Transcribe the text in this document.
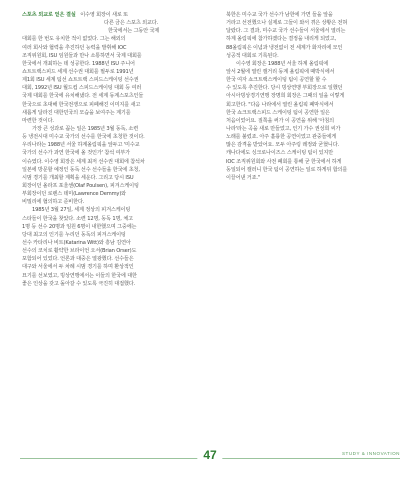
스포츠 외교로 얻은 결실 이수영 회장이 새로 또

다른 금은 스포츠 외교다.

한국에서는 그동안 국제

대회를 한 번도 유치한 적이 없었다. 그는 해외의

여러 회사와 협력을 추진하던 능력을 발휘해 IOC

조직위원회, ISU 임원들과 만나 소통하면서 국제 대회를

한국에서 개최하는 데 성공한다. 1988년 ISU 주니어

쇼트트랙스피드 세계 선수권 대회를 필두로 1991년

제1회 ISU 세계 팀선 쇼트트랙 스피드스케이팅 선수권

대회, 1992년 ISU 월드컵 스피드스케이팅 대회 등 여러

국제 대회를 한국에 유치해냈다. 전 세계 동계스포츠인들

한국으로 초대해 한국전쟁으로 피폐해진 이미지를 새고

새롭게 달라진 대한민국의 모습을 보여주는 계기를

마련한 것이다.

가장 큰 성과로 꼽는 일은 1985년 3월 동독, 소련

등 냉전시대 미수교 국가의 선수를 한국에 초청한 것이다.

우리나라는 1988년 서울 하계올림픽을 앞두고 '미수교

국가의 선수가 과연 한국에 올 것인가' 참석 여부가

이슈였다. 이수영 회장은 세계 최저 선수권 대회에 참석차

일본에 방문할 예정인 동독 선수 선수들을 한국에 초청,

시범 경기를 개최할 계획을 세운다. 그리고 당시 ISU

회장이던 올라프 포울센(Olaf Poulsen), 피겨스케이팅

부회장이던 로렌스 데미(Lawrence Demmy)와

비밀리에 협의하고 준비한다.

1985년 3월 27일, 세계 정상의 피겨스케이팅

스타들이 한국을 찾았다. 소련 12명, 동독 1명, 체고

1명 등 선수 20명과 임원 6명이 내한했으며 그중에는

당대 최고의 인기를 누리던 동독의 피겨스케이팅

선수 카타리나 비트(Katarina Witt)와 흥남 김연아

선수의 코치로 활약한 브라이언 오서(Brian Orser)도

포함되어 있었다. 언론과 대중은 열광했다. 선수들은

대구와 서울에서 두 차례 시범 경기를 하며 환상적인

묘기를 선보였고, 빙상연맹에서는 이들의 한국에 대한

좋은 인상을 갖고 돌아갈 수 있도록 극진히 대접했다.

북한은 미수교 국가 선수가 남한에 가면 들을 앞을

거라고 선전했으나 실제로 그들이 와서 겪은 상황은 전혀

달랐다. 그 결과, 미수교 국가 선수들이 서울에서 열리는

하계 올림픽에 참가하겠다는 결정을 내리게 되었고,

88올림픽은 이념과 냉전없이 전 세계가 화자리에 모인

성공적 대회로 기록된다.

이수영 회장은 1988년 서울 하계 올림픽에

앞서 2월에 열린 캘거리 동계 올림픽에 때박식에서

한국 여자 쇼크트랙스케이팅 팀이 공연할 할 수

수 있도록 추진한다. 당시 빙상연맹 부회장으로 일했던

아시아빙상경기연맹 장명희 회장은 그때의 일을 이렇게

회고한다. "다음 나라에서 열린 올림픽 폐막식에서

한국 쇼크트랙스피드 스케이팅 팀이 공연한 일은

처음이었어요. 질쪽을 써가 이 공연을 위해 '아침의

나라'라는 곡을 새로 만들었고, 인기 가수 권성희 씨가

노래를 불렀죠. 아주 훌륭한 공연이었고 관중들에게

많은 감격을 받았어요. 모두 아주링 레정와 굳혔니다.

캐나다에도 싱크로나이즈스 스케이팅 팀이 있지만

IOC 조직위원회와 사전 폐회를 통해 굳 한국에서 하게

동일되어 캘러니 한국 팀이 공연하는 일로 하게뒤 합의를

이끌어낸 거죠."

47	STUDY & INNOVATION
